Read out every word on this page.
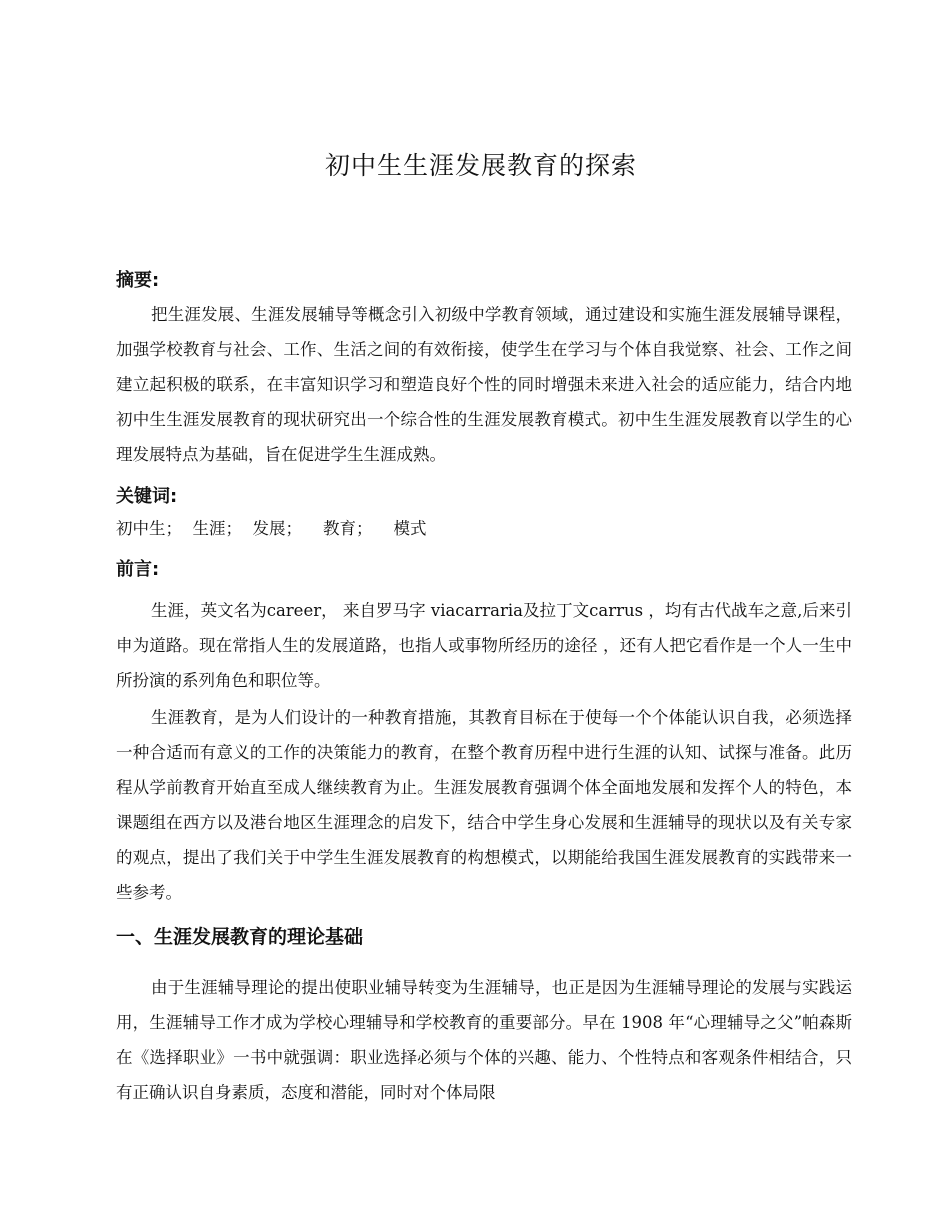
初中生生涯发展教育的探索
摘要:

把生涯发展、生涯发展辅导等概念引入初级中学教育领域，通过建设和实施生涯发展辅导课程，加强学校教育与社会、工作、生活之间的有效衔接，使学生在学习与个体自我觉察、社会、工作之间建立起积极的联系，在丰富知识学习和塑造良好个性的同时增强未来进入社会的适应能力，结合内地初中生生涯发展教育的现状研究出一个综合性的生涯发展教育模式。初中生生涯发展教育以学生的心理发展特点为基础，旨在促进学生生涯成熟。

关键词:
初中生； 生涯； 发展； 教育； 模式
前言:

生涯，英文名为career， 来自罗马字 viacarraria及拉丁文carrus ，均有古代战车之意,后来引申为道路。现在常指人生的发展道路，也指人或事物所经历的途径 ，还有人把它看作是一个人一生中所扮演的系列角色和职位等。

生涯教育，是为人们设计的一种教育措施，其教育目标在于使每一个个体能认识自我，必须选择一种合适而有意义的工作的决策能力的教育，在整个教育历程中进行生涯的认知、试探与准备。此历程从学前教育开始直至成人继续教育为止。生涯发展教育强调个体全面地发展和发挥个人的特色，本课题组在西方以及港台地区生涯理念的启发下，结合中学生身心发展和生涯辅导的现状以及有关专家的观点，提出了我们关于中学生生涯发展教育的构想模式，以期能给我国生涯发展教育的实践带来一些参考。

一、生涯发展教育的理论基础

由于生涯辅导理论的提出使职业辅导转变为生涯辅导，也正是因为生涯辅导理论的发展与实践运用，生涯辅导工作才成为学校心理辅导和学校教育的重要部分。早在 1908 年“心理辅导之父”帕森斯在《选择职业》一书中就强调：职业选择必须与个体的兴趣、能力、个性特点和客观条件相结合，只有正确认识自身素质，态度和潜能，同时对个体局限
